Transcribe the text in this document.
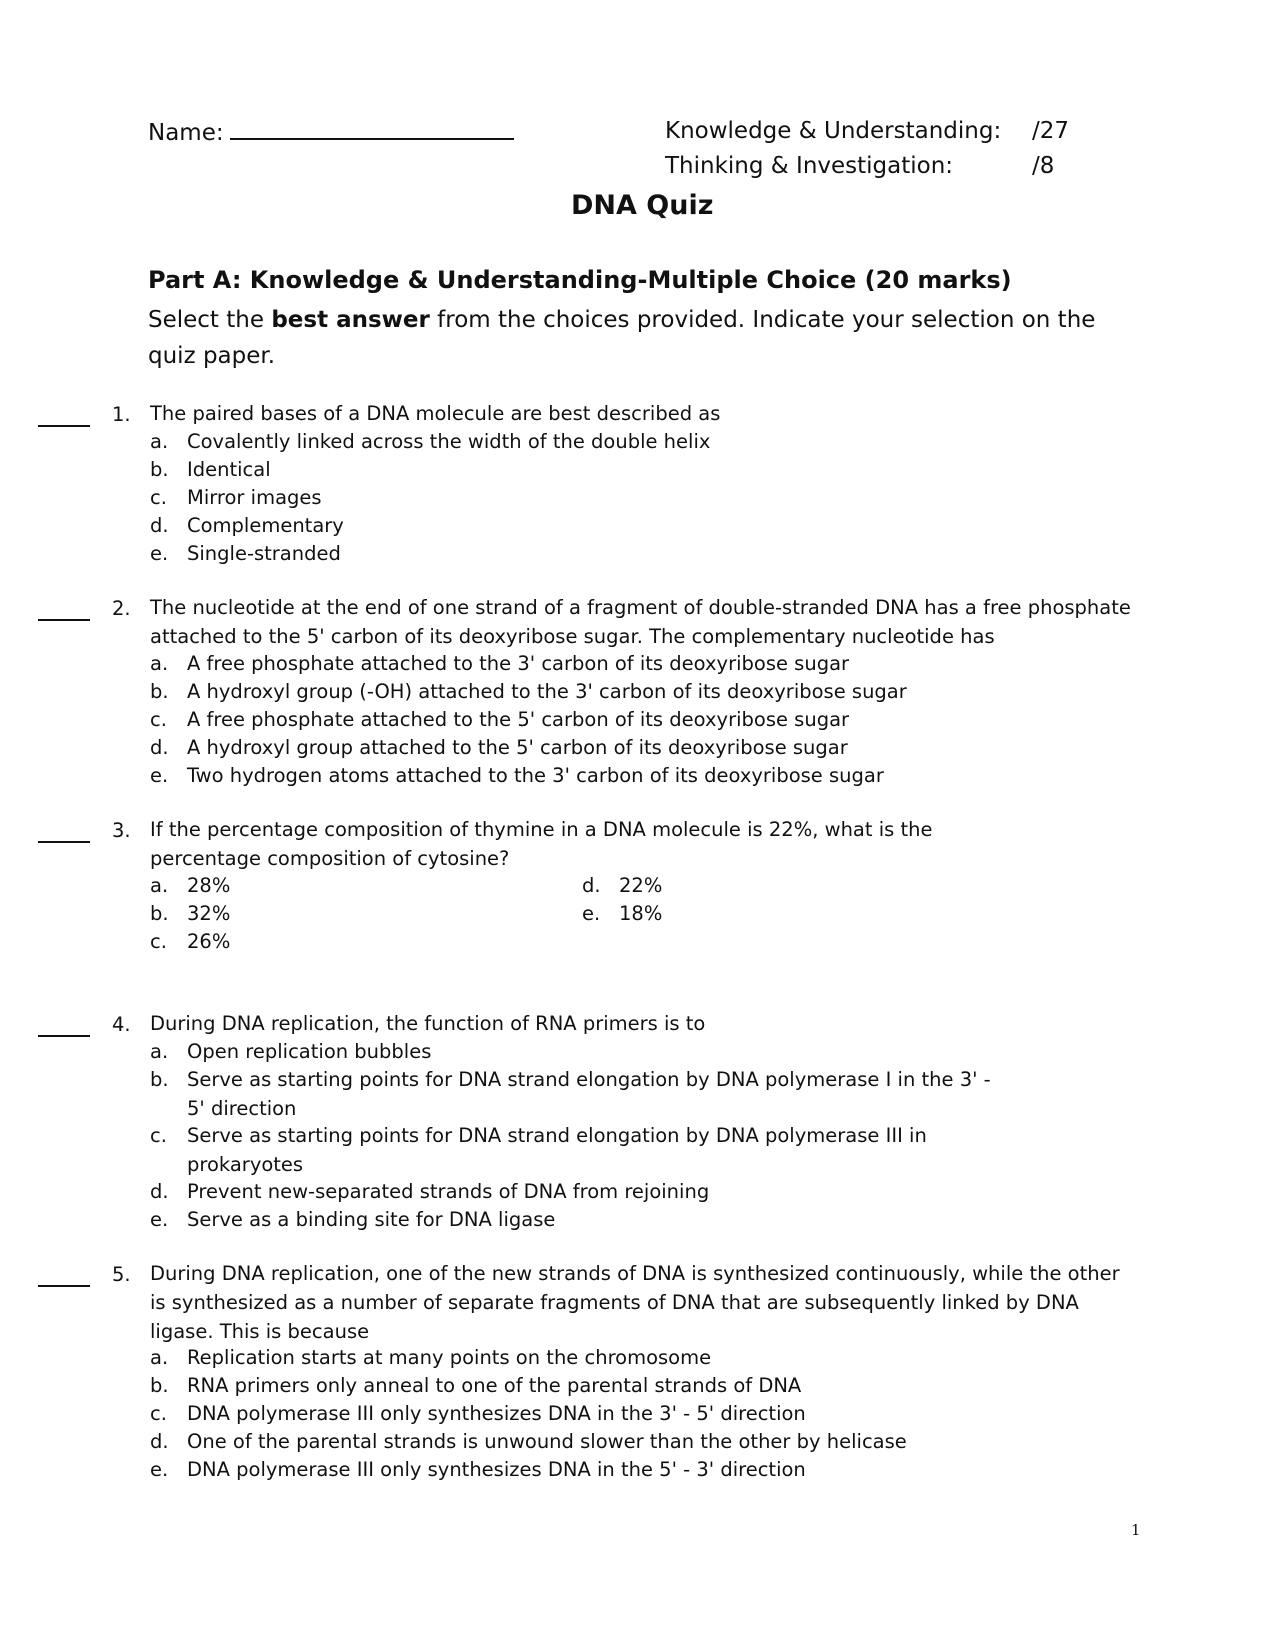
Name:	Knowledge & Understanding: /27
Thinking & Investigation:	/8
DNA Quiz
Part A: Knowledge & Understanding-Multiple Choice (20 marks)
Select the best answer from the choices provided. Indicate your selection on the quiz paper.
1. The paired bases of a DNA molecule are best described as
a. Covalently linked across the width of the double helix
b. Identical
c. Mirror images
d. Complementary
e. Single-stranded
2. The nucleotide at the end of one strand of a fragment of double-stranded DNA has a free phosphate attached to the 5' carbon of its deoxyribose sugar. The complementary nucleotide has
a. A free phosphate attached to the 3' carbon of its deoxyribose sugar
b. A hydroxyl group (-OH) attached to the 3' carbon of its deoxyribose sugar
c. A free phosphate attached to the 5' carbon of its deoxyribose sugar
d. A hydroxyl group attached to the 5' carbon of its deoxyribose sugar
e. Two hydrogen atoms attached to the 3' carbon of its deoxyribose sugar
3. If the percentage composition of thymine in a DNA molecule is 22%, what is the percentage composition of cytosine?
a. 28%
b. 32%
c. 26%
d. 22%
e. 18%
4. During DNA replication, the function of RNA primers is to
a. Open replication bubbles
b. Serve as starting points for DNA strand elongation by DNA polymerase I in the 3' - 5' direction
c. Serve as starting points for DNA strand elongation by DNA polymerase III in prokaryotes
d. Prevent new-separated strands of DNA from rejoining
e. Serve as a binding site for DNA ligase
5. During DNA replication, one of the new strands of DNA is synthesized continuously, while the other is synthesized as a number of separate fragments of DNA that are subsequently linked by DNA ligase. This is because
a. Replication starts at many points on the chromosome
b. RNA primers only anneal to one of the parental strands of DNA
c. DNA polymerase III only synthesizes DNA in the 3' - 5' direction
d. One of the parental strands is unwound slower than the other by helicase
e. DNA polymerase III only synthesizes DNA in the 5' - 3' direction
1
